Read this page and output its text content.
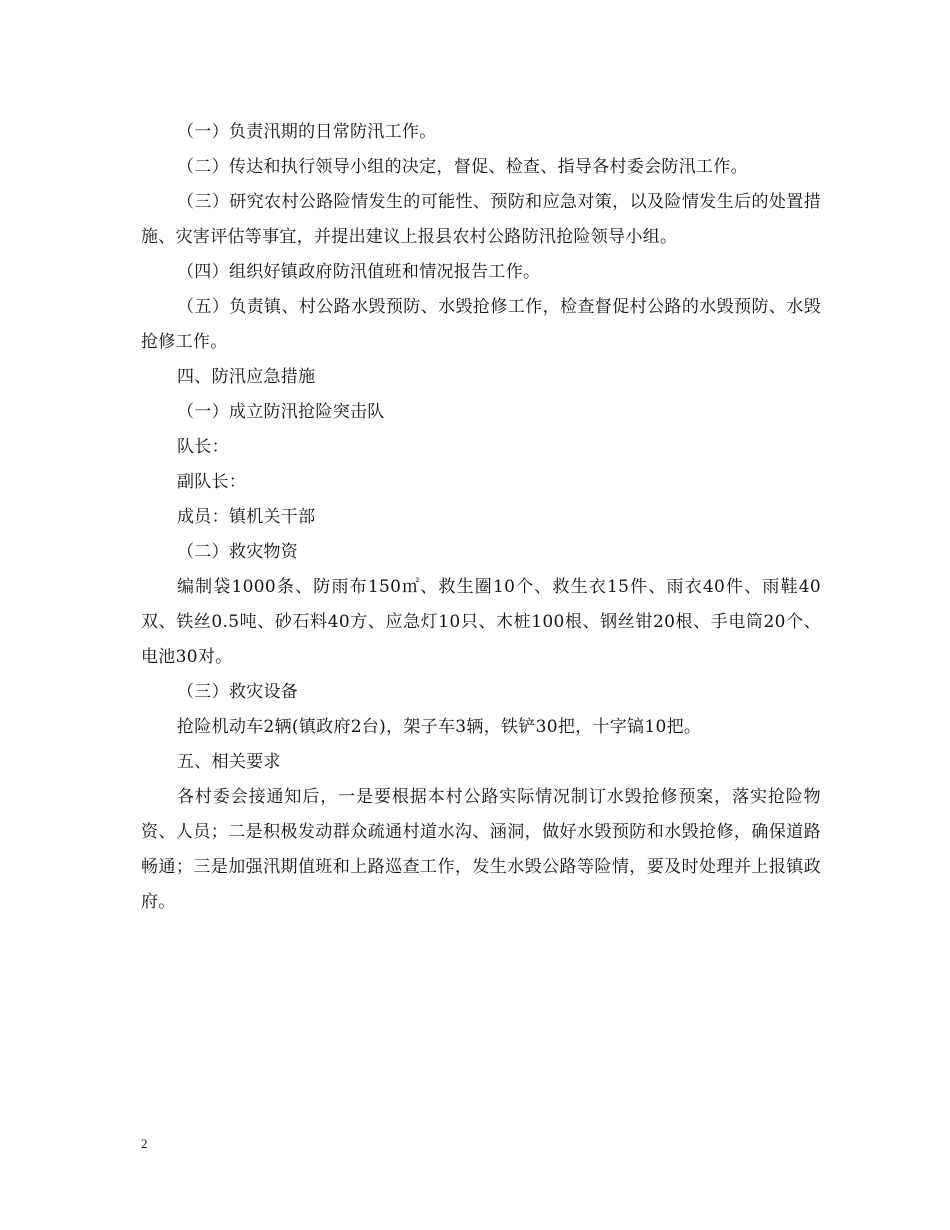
（一）负责汛期的日常防汛工作。

（二）传达和执行领导小组的决定，督促、检查、指导各村委会防汛工作。

（三）研究农村公路险情发生的可能性、预防和应急对策，以及险情发生后的处置措施、灾害评估等事宜，并提出建议上报县农村公路防汛抢险领导小组。

（四）组织好镇政府防汛值班和情况报告工作。

（五）负责镇、村公路水毁预防、水毁抢修工作，检查督促村公路的水毁预防、水毁抢修工作。

四、防汛应急措施

（一）成立防汛抢险突击队

队长：

副队长：

成员：镇机关干部

（二）救灾物资

编制袋1000条、防雨布150㎡、救生圈10个、救生衣15件、雨衣40件、雨鞋40双、铁丝0.5吨、砂石料40方、应急灯10只、木桩100根、钢丝钳20根、手电筒20个、电池30对。

（三）救灾设备

抢险机动车2辆(镇政府2台)，架子车3辆，铁铲30把，十字镐10把。

五、相关要求

各村委会接通知后，一是要根据本村公路实际情况制订水毁抢修预案，落实抢险物资、人员；二是积极发动群众疏通村道水沟、涵洞，做好水毁预防和水毁抢修，确保道路畅通；三是加强汛期值班和上路巡查工作，发生水毁公路等险情，要及时处理并上报镇政府。

2
